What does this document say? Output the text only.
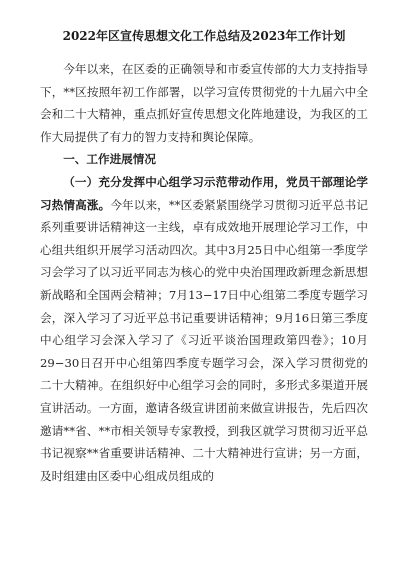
2022年区宣传思想文化工作总结及2023年工作计划

今年以来，在区委的正确领导和市委宣传部的大力支持指导下，**区按照年初工作部署，以学习宣传贯彻党的十九届六中全会和二十大精神，重点抓好宣传思想文化阵地建设，为我区的工作大局提供了有力的智力支持和舆论保障。

一、工作进展情况

（一）充分发挥中心组学习示范带动作用，党员干部理论学习热情高涨。今年以来，**区委紧紧围绕学习贯彻习近平总书记系列重要讲话精神这一主线，卓有成效地开展理论学习工作，中心组共组织开展学习活动四次。其中3月25日中心组第一季度学习会学习了以习近平同志为核心的党中央治国理政新理念新思想新战略和全国两会精神；7月13−17日中心组第二季度专题学习会，深入学习了习近平总书记重要讲话精神；9月16日第三季度中心组学习会深入学习了《习近平谈治国理政第四卷》；10月29−30日召开中心组第四季度专题学习会，深入学习贯彻党的二十大精神。在组织好中心组学习会的同时，多形式多渠道开展宣讲活动。一方面，邀请各级宣讲团前来做宣讲报告，先后四次邀请**省、**市相关领导专家教授，到我区就学习贯彻习近平总书记视察**省重要讲话精神、二十大精神进行宣讲；另一方面，及时组建由区委中心组成员组成的
